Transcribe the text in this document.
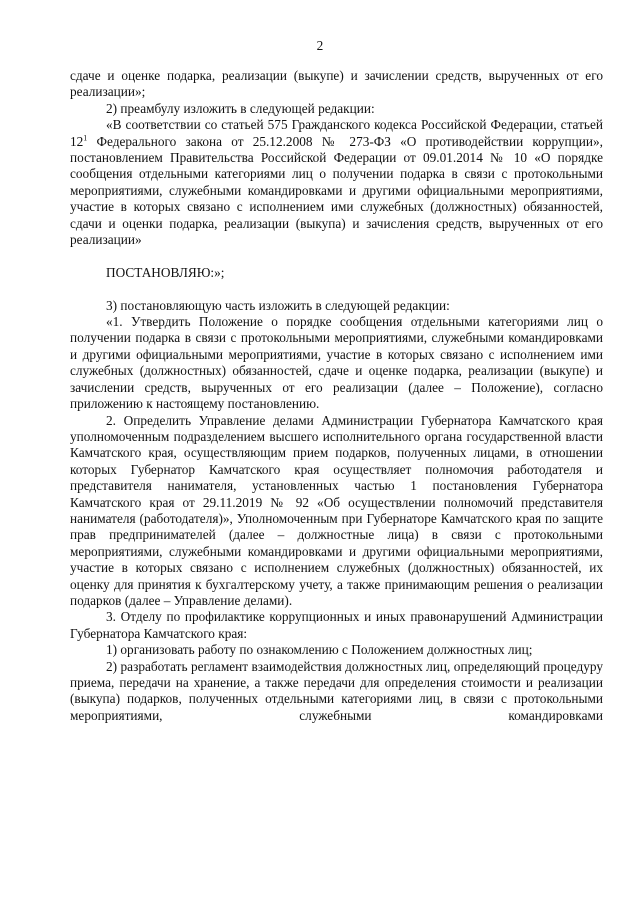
2

сдаче и оценке подарка, реализации (выкупе) и зачислении средств, вырученных от его реализации»;

2) преамбулу изложить в следующей редакции:

«В соответствии со статьей 575 Гражданского кодекса Российской Федерации, статьей $12^1$ Федерального закона от 25.12.2008 № 273-ФЗ «О противодействии коррупции», постановлением Правительства Российской Федерации от 09.01.2014 № 10 «О порядке сообщения отдельными категориями лиц о получении подарка в связи с протокольными мероприятиями, служебными командировками и другими официальными мероприятиями, участие в которых связано с исполнением ими служебных (должностных) обязанностей, сдачи и оценки подарка, реализации (выкупа) и зачисления средств, вырученных от его реализации»

ПОСТАНОВЛЯЮ:»;

3) постановляющую часть изложить в следующей редакции:

«1. Утвердить Положение о порядке сообщения отдельными категориями лиц о получении подарка в связи с протокольными мероприятиями, служебными командировками и другими официальными мероприятиями, участие в которых связано с исполнением ими служебных (должностных) обязанностей, сдаче и оценке подарка, реализации (выкупе) и зачислении средств, вырученных от его реализации (далее – Положение), согласно приложению к настоящему постановлению.

2. Определить Управление делами Администрации Губернатора Камчатского края уполномоченным подразделением высшего исполнительного органа государственной власти Камчатского края, осуществляющим прием подарков, полученных лицами, в отношении которых Губернатор Камчатского края осуществляет полномочия работодателя и представителя нанимателя, установленных частью 1 постановления Губернатора Камчатского края от 29.11.2019 № 92 «Об осуществлении полномочий представителя нанимателя (работодателя)», Уполномоченным при Губернаторе Камчатского края по защите прав предпринимателей (далее – должностные лица) в связи с протокольными мероприятиями, служебными командировками и другими официальными мероприятиями, участие в которых связано с исполнением служебных (должностных) обязанностей, их оценку для принятия к бухгалтерскому учету, а также принимающим решения о реализации подарков (далее – Управление делами).

3. Отделу по профилактике коррупционных и иных правонарушений Администрации Губернатора Камчатского края:

1) организовать работу по ознакомлению с Положением должностных лиц;

2) разработать регламент взаимодействия должностных лиц, определяющий процедуру приема, передачи на хранение, а также передачи для определения стоимости и реализации (выкупа) подарков, полученных отдельными категориями лиц, в связи с протокольными мероприятиями, служебными командировками
